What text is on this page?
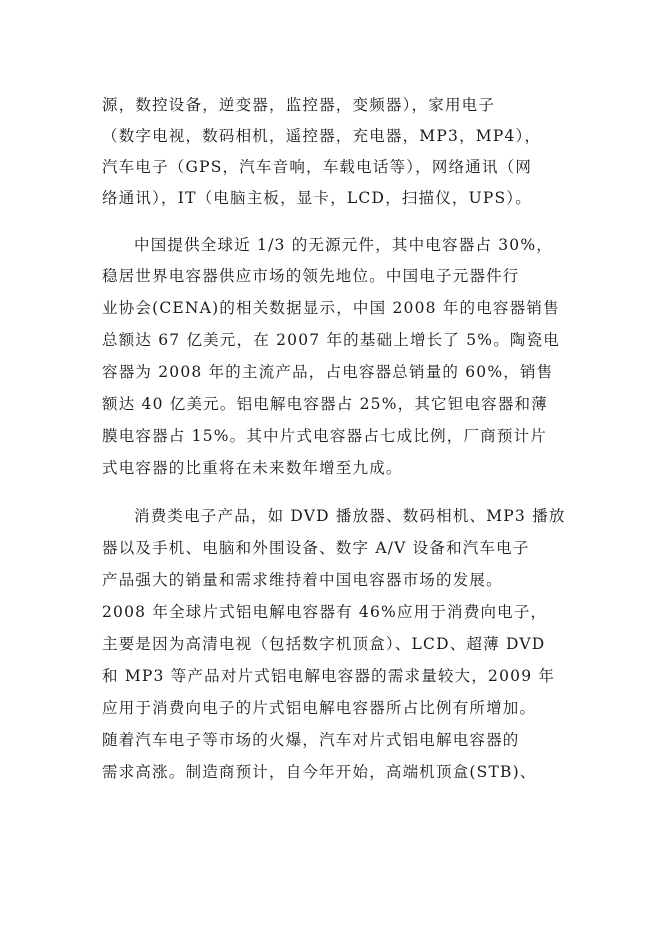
源，数控设备，逆变器，监控器，变频器），家用电子
（数字电视，数码相机，遥控器，充电器，MP3，MP4），
汽车电子（GPS，汽车音响，车载电话等），网络通讯（网
络通讯），IT（电脑主板，显卡，LCD，扫描仪，UPS）。
中国提供全球近 1/3 的无源元件，其中电容器占 30%，
稳居世界电容器供应市场的领先地位。中国电子元器件行
业协会(CENA)的相关数据显示，中国 2008 年的电容器销售
总额达 67 亿美元，在 2007 年的基础上增长了 5%。陶瓷电
容器为 2008 年的主流产品，占电容器总销量的 60%，销售
额达 40 亿美元。铝电解电容器占 25%，其它钽电容器和薄
膜电容器占 15%。其中片式电容器占七成比例，厂商预计片
式电容器的比重将在未来数年增至九成。
消费类电子产品，如 DVD 播放器、数码相机、MP3 播放
器以及手机、电脑和外围设备、数字 A/V 设备和汽车电子
产品强大的销量和需求维持着中国电容器市场的发展。
2008 年全球片式铝电解电容器有 46%应用于消费向电子，
主要是因为高清电视（包括数字机顶盒）、LCD、超薄 DVD
和 MP3 等产品对片式铝电解电容器的需求量较大，2009 年
应用于消费向电子的片式铝电解电容器所占比例有所增加。
随着汽车电子等市场的火爆，汽车对片式铝电解电容器的
需求高涨。制造商预计，自今年开始，高端机顶盒(STB)、
